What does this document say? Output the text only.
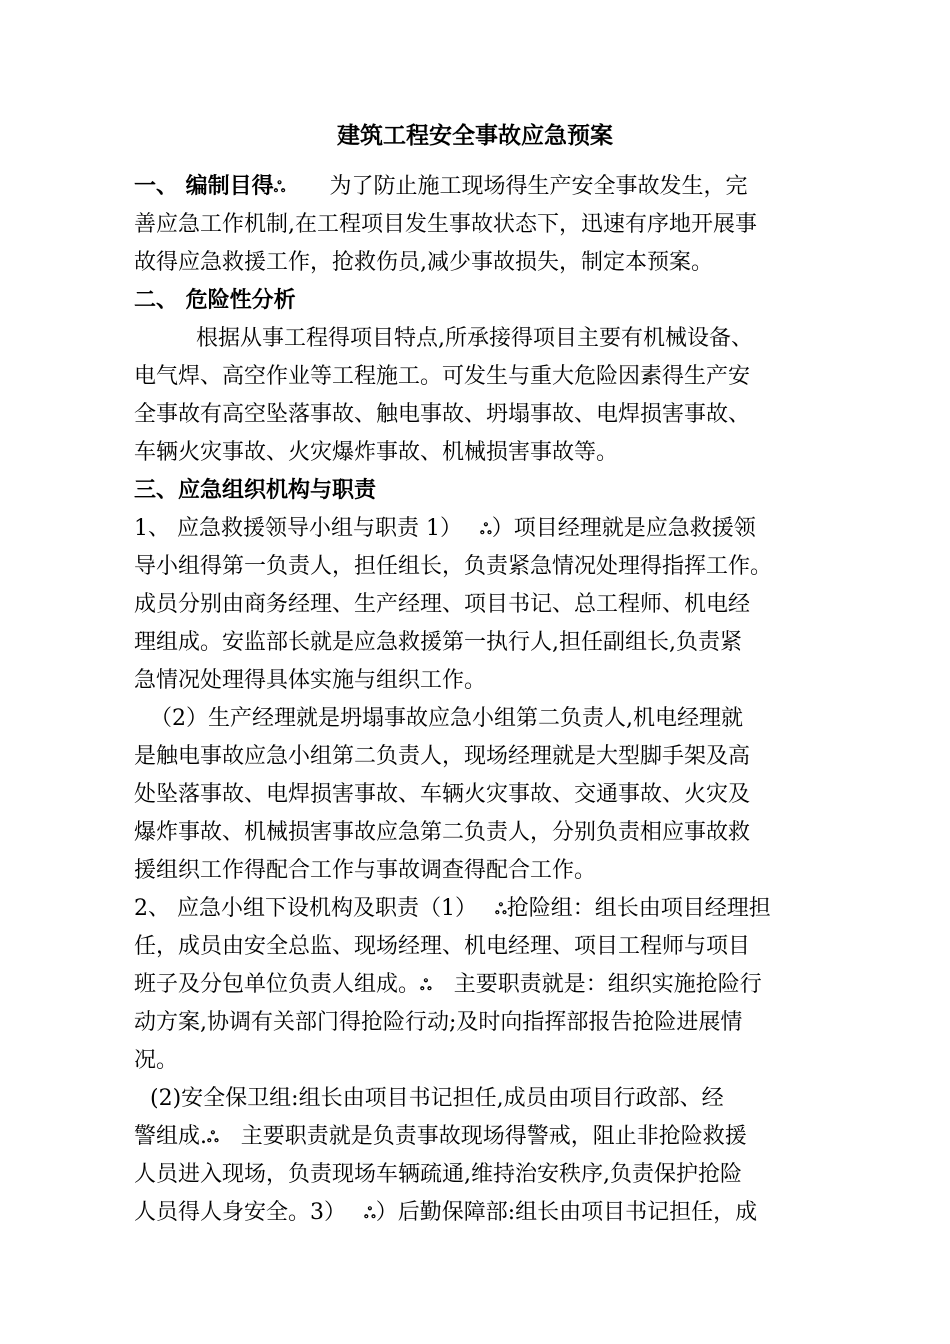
建筑工程安全事故应急预案
一、 编制目得ஃ 为了防止施工现场得生产安全事故发生，完
善应急工作机制,在工程项目发生事故状态下，迅速有序地开展事
故得应急救援工作，抢救伤员,减少事故损失，制定本预案。
二、 危险性分析
根据从事工程得项目特点,所承接得项目主要有机械设备、
电气焊、高空作业等工程施工。可发生与重大危险因素得生产安
全事故有高空坠落事故、触电事故、坍塌事故、电焊损害事故、
车辆火灾事故、火灾爆炸事故、机械损害事故等。
三、应急组织机构与职责
1、 应急救援领导小组与职责 1） ஃ）项目经理就是应急救援领
导小组得第一负责人，担任组长，负责紧急情况处理得指挥工作。
成员分别由商务经理、生产经理、项目书记、总工程师、机电经
理组成。安监部长就是应急救援第一执行人,担任副组长,负责紧
急情况处理得具体实施与组织工作。
（2）生产经理就是坍塌事故应急小组第二负责人,机电经理就
是触电事故应急小组第二负责人，现场经理就是大型脚手架及高
处坠落事故、电焊损害事故、车辆火灾事故、交通事故、火灾及
爆炸事故、机械损害事故应急第二负责人，分别负责相应事故救
援组织工作得配合工作与事故调查得配合工作。
2、 应急小组下设机构及职责（1） ஃ抢险组：组长由项目经理担
任，成员由安全总监、现场经理、机电经理、项目工程师与项目
班子及分包单位负责人组成。ஃ 主要职责就是：组织实施抢险行
动方案,协调有关部门得抢险行动;及时向指挥部报告抢险进展情
况。
(2)安全保卫组:组长由项目书记担任,成员由项目行政部、经
警组成.ஃ 主要职责就是负责事故现场得警戒，阻止非抢险救援
人员进入现场，负责现场车辆疏通,维持治安秩序,负责保护抢险
人员得人身安全。3） ஃ）后勤保障部:组长由项目书记担任，成
